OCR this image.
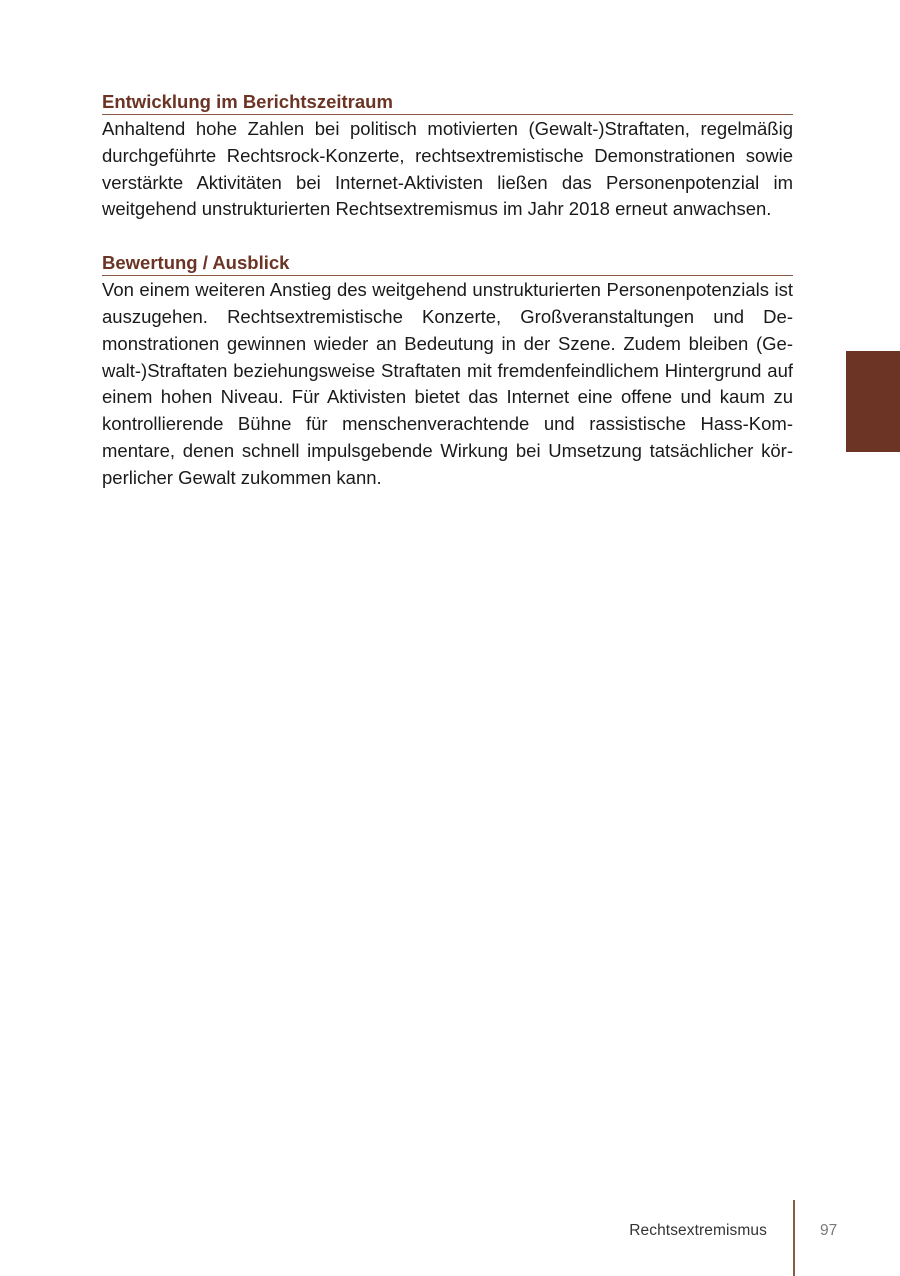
Entwicklung im Berichtszeitraum

Anhaltend hohe Zahlen bei politisch motivierten (Gewalt-)Straftaten, regelmäßig durchgeführte Rechtsrock-Konzerte, rechtsextremistische Demonstrationen sowie verstärkte Aktivitäten bei Internet-Aktivisten ließen das Personenpotenzial im weitgehend unstrukturierten Rechtsextremismus im Jahr 2018 erneut anwachsen.

Bewertung / Ausblick

Von einem weiteren Anstieg des weitgehend unstrukturierten Personenpotenzials ist auszugehen. Rechtsextremistische Konzerte, Großveranstaltungen und Demonstrationen gewinnen wieder an Bedeutung in der Szene. Zudem bleiben (Gewalt-)Straftaten beziehungsweise Straftaten mit fremdenfeindlichem Hintergrund auf einem hohen Niveau. Für Aktivisten bietet das Internet eine offene und kaum zu kontrollierende Bühne für menschenverachtende und rassistische Hass-Kommentare, denen schnell impulsgebende Wirkung bei Umsetzung tatsächlicher körperlicher Gewalt zukommen kann.

Rechtsextremismus	97
